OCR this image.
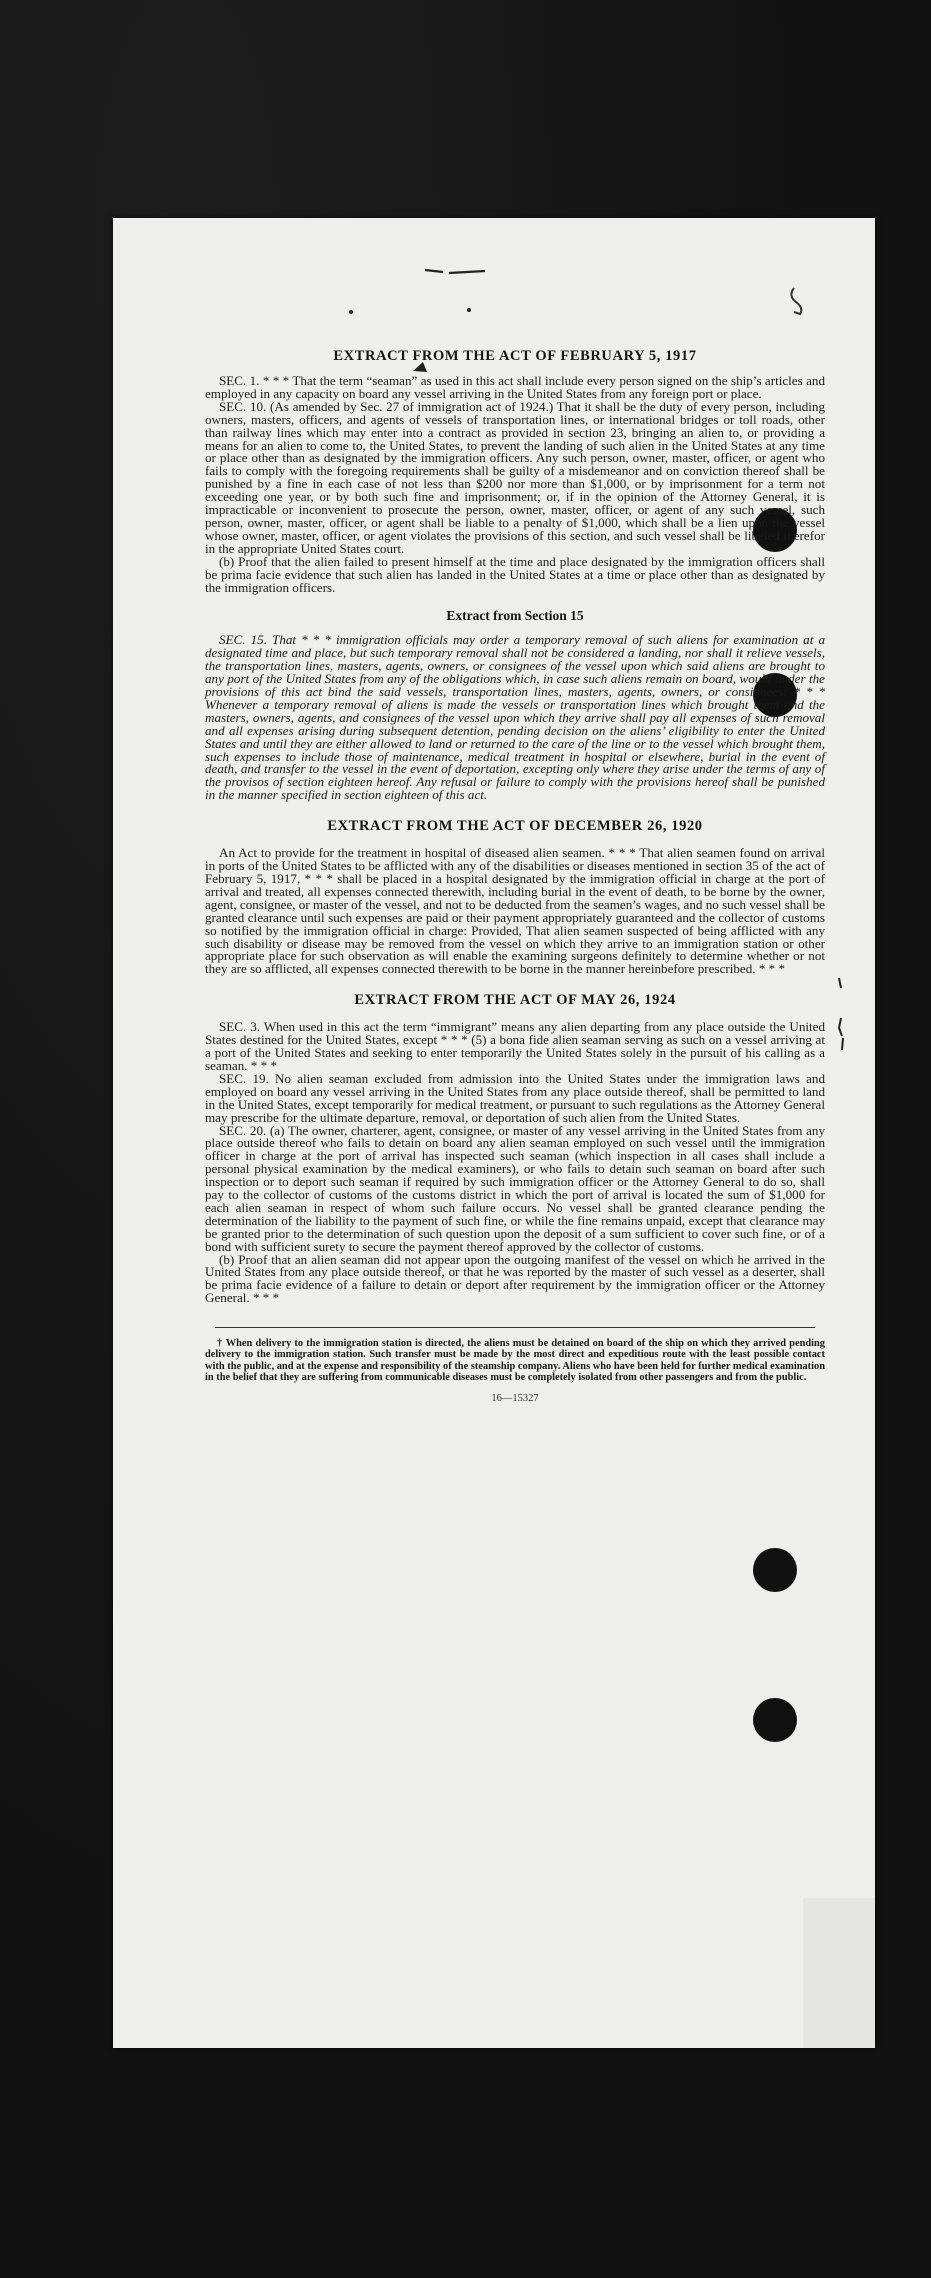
EXTRACT FROM THE ACT OF FEBRUARY 5, 1917

SEC. 1. * * * That the term “seaman” as used in this act shall include every person signed on the ship’s articles and employed in any capacity on board any vessel arriving in the United States from any foreign port or place.

SEC. 10. (As amended by Sec. 27 of immigration act of 1924.) That it shall be the duty of every person, including owners, masters, officers, and agents of vessels of transportation lines, or international bridges or toll roads, other than railway lines which may enter into a contract as provided in section 23, bringing an alien to, or providing a means for an alien to come to, the United States, to prevent the landing of such alien in the United States at any time or place other than as designated by the immigration officers. Any such person, owner, master, officer, or agent who fails to comply with the foregoing requirements shall be guilty of a misdemeanor and on conviction thereof shall be punished by a fine in each case of not less than $200 nor more than $1,000, or by imprisonment for a term not exceeding one year, or by both such fine and imprisonment; or, if in the opinion of the Attorney General, it is impracticable or inconvenient to prosecute the person, owner, master, officer, or agent of any such vessel, such person, owner, master, officer, or agent shall be liable to a penalty of $1,000, which shall be a lien upon the vessel whose owner, master, officer, or agent violates the provisions of this section, and such vessel shall be libeled therefor in the appropriate United States court.

(b) Proof that the alien failed to present himself at the time and place designated by the immigration officers shall be prima facie evidence that such alien has landed in the United States at a time or place other than as designated by the immigration officers.

Extract from Section 15

SEC. 15. That * * * immigration officials may order a temporary removal of such aliens for examination at a designated time and place, but such temporary removal shall not be considered a landing, nor shall it relieve vessels, the transportation lines, masters, agents, owners, or consignees of the vessel upon which said aliens are brought to any port of the United States from any of the obligations which, in case such aliens remain on board, would under the provisions of this act bind the said vessels, transportation lines, masters, agents, owners, or consignees: * * * Whenever a temporary removal of aliens is made the vessels or transportation lines which brought them and the masters, owners, agents, and consignees of the vessel upon which they arrive shall pay all expenses of such removal and all expenses arising during subsequent detention, pending decision on the aliens’ eligibility to enter the United States and until they are either allowed to land or returned to the care of the line or to the vessel which brought them, such expenses to include those of maintenance, medical treatment in hospital or elsewhere, burial in the event of death, and transfer to the vessel in the event of deportation, excepting only where they arise under the terms of any of the provisos of section eighteen hereof. Any refusal or failure to comply with the provisions hereof shall be punished in the manner specified in section eighteen of this act.

EXTRACT FROM THE ACT OF DECEMBER 26, 1920

An Act to provide for the treatment in hospital of diseased alien seamen. * * * That alien seamen found on arrival in ports of the United States to be afflicted with any of the disabilities or diseases mentioned in section 35 of the act of February 5, 1917, * * * shall be placed in a hospital designated by the immigration official in charge at the port of arrival and treated, all expenses connected therewith, including burial in the event of death, to be borne by the owner, agent, consignee, or master of the vessel, and not to be deducted from the seamen’s wages, and no such vessel shall be granted clearance until such expenses are paid or their payment appropriately guaranteed and the collector of customs so notified by the immigration official in charge: Provided, That alien seamen suspected of being afflicted with any such disability or disease may be removed from the vessel on which they arrive to an immigration station or other appropriate place for such observation as will enable the examining surgeons definitely to determine whether or not they are so afflicted, all expenses connected therewith to be borne in the manner hereinbefore prescribed. * * *

EXTRACT FROM THE ACT OF MAY 26, 1924

SEC. 3. When used in this act the term “immigrant” means any alien departing from any place outside the United States destined for the United States, except * * * (5) a bona fide alien seaman serving as such on a vessel arriving at a port of the United States and seeking to enter temporarily the United States solely in the pursuit of his calling as a seaman. * * *

SEC. 19. No alien seaman excluded from admission into the United States under the immigration laws and employed on board any vessel arriving in the United States from any place outside thereof, shall be permitted to land in the United States, except temporarily for medical treatment, or pursuant to such regulations as the Attorney General may prescribe for the ultimate departure, removal, or deportation of such alien from the United States.

SEC. 20. (a) The owner, charterer, agent, consignee, or master of any vessel arriving in the United States from any place outside thereof who fails to detain on board any alien seaman employed on such vessel until the immigration officer in charge at the port of arrival has inspected such seaman (which inspection in all cases shall include a personal physical examination by the medical examiners), or who fails to detain such seaman on board after such inspection or to deport such seaman if required by such immigration officer or the Attorney General to do so, shall pay to the collector of customs of the customs district in which the port of arrival is located the sum of $1,000 for each alien seaman in respect of whom such failure occurs. No vessel shall be granted clearance pending the determination of the liability to the payment of such fine, or while the fine remains unpaid, except that clearance may be granted prior to the determination of such question upon the deposit of a sum sufficient to cover such fine, or of a bond with sufficient surety to secure the payment thereof approved by the collector of customs.

(b) Proof that an alien seaman did not appear upon the outgoing manifest of the vessel on which he arrived in the United States from any place outside thereof, or that he was reported by the master of such vessel as a deserter, shall be prima facie evidence of a failure to detain or deport after requirement by the immigration officer or the Attorney General. * * *

† When delivery to the immigration station is directed, the aliens must be detained on board of the ship on which they arrived pending delivery to the immigration station. Such transfer must be made by the most direct and expeditious route with the least possible contact with the public, and at the expense and responsibility of the steamship company. Aliens who have been held for further medical examination in the belief that they are suffering from communicable diseases must be completely isolated from other passengers and from the public.

16—15327
